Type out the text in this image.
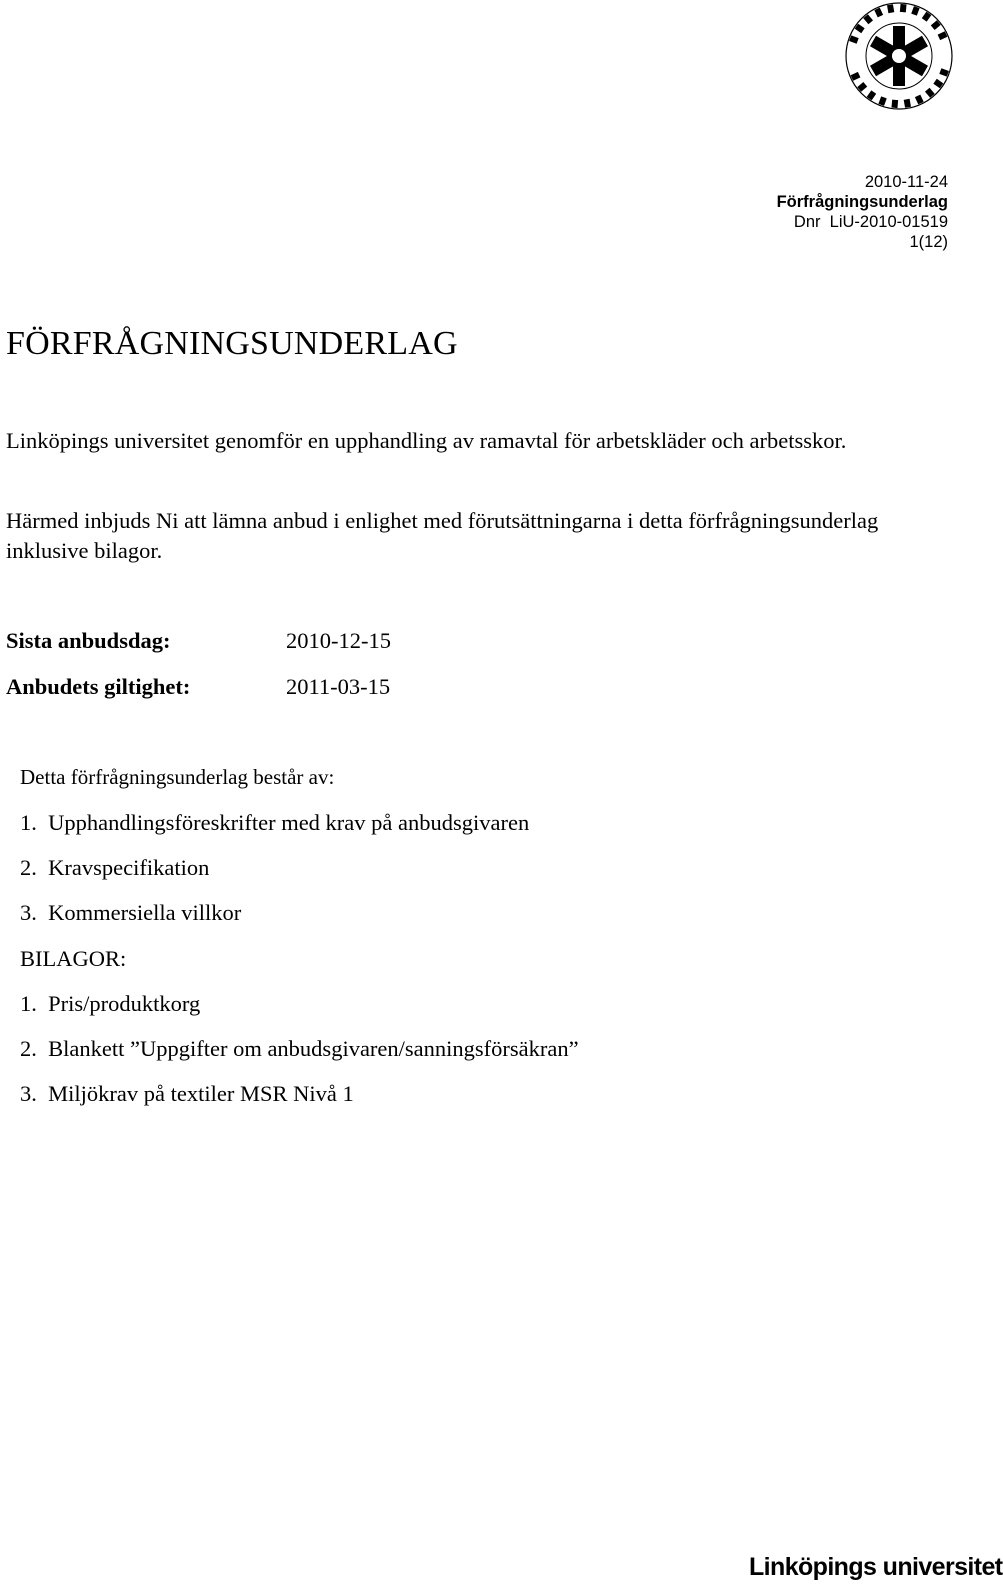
2010-11-24
Förfrågningsunderlag
Dnr  LiU-2010-01519
1(12)
FÖRFRÅGNINGSUNDERLAG

Linköpings universitet genomför en upphandling av ramavtal för arbetskläder och arbetsskor.

Härmed inbjuds Ni att lämna anbud i enlighet med förutsättningarna i detta förfrågningsunderlag inklusive bilagor.

Sista anbudsdag:	2010-12-15
Anbudets giltighet:	2011-03-15
Detta förfrågningsunderlag består av:
1.  Upphandlingsföreskrifter med krav på anbudsgivaren
2.  Kravspecifikation
3.  Kommersiella villkor
BILAGOR:
1.  Pris/produktkorg
2.  Blankett ”Uppgifter om anbudsgivaren/sanningsförsäkran”
3.  Miljökrav på textiler MSR Nivå 1
Linköpings universitet
